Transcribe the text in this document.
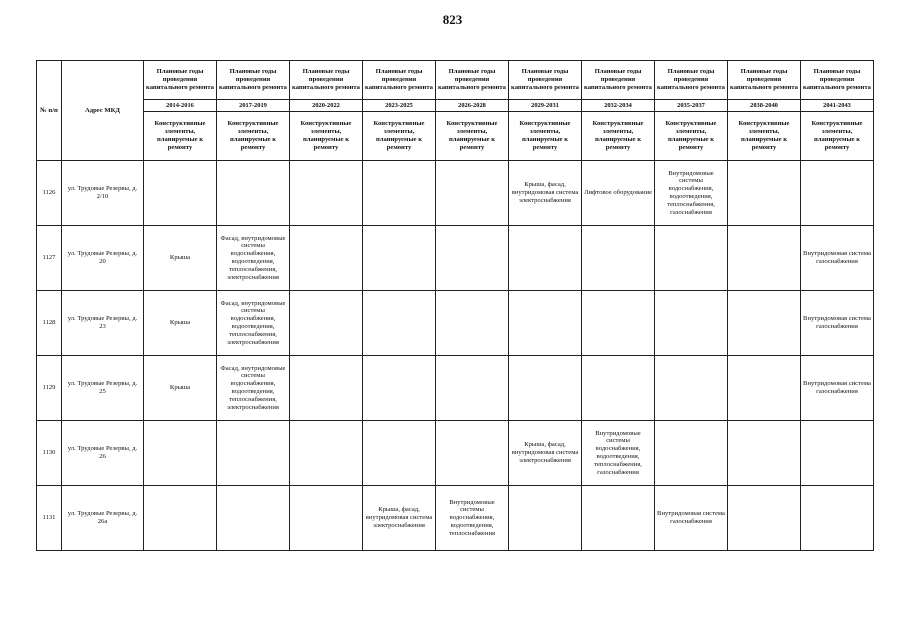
823
№ п/п	Адрес МКД	Плановые годы проведения капитального ремонта	Плановые годы проведения капитального ремонта	Плановые годы проведения капитального ремонта	Плановые годы проведения капитального ремонта	Плановые годы проведения капитального ремонта	Плановые годы проведения капитального ремонта	Плановые годы проведения капитального ремонта	Плановые годы проведения капитального ремонта	Плановые годы проведения капитального ремонта	Плановые годы проведения капитального ремонта
		2014-2016	2017-2019	2020-2022	2023-2025	2026-2028	2029-2031	2032-2034	2035-2037	2038-2040	2041-2043
		Конструктивные элементы, планируемые к ремонту	Конструктивные элементы, планируемые к ремонту	Конструктивные элементы, планируемые к ремонту	Конструктивные элементы, планируемые к ремонту	Конструктивные элементы, планируемые к ремонту	Конструктивные элементы, планируемые к ремонту	Конструктивные элементы, планируемые к ремонту	Конструктивные элементы, планируемые к ремонту	Конструктивные элементы, планируемые к ремонту	Конструктивные элементы, планируемые к ремонту
1126	ул. Трудовые Резервы, д. 2/10						Крыша, фасад, внутридомовая система электроснабжения	Лифтовое оборудование	Внутридомовые системы водоснабжения, водоотведения, теплоснабжения, газоснабжения		
1127	ул. Трудовые Резервы, д. 20	Крыша	Фасад, внутридомовые системы водоснабжения, водоотведения, теплоснабжения, электроснабжения								Внутридомовая система газоснабжения
1128	ул. Трудовые Резервы, д. 23	Крыша	Фасад, внутридомовые системы водоснабжения, водоотведения, теплоснабжения, электроснабжения								Внутридомовая система газоснабжения
1129	ул. Трудовые Резервы, д. 25	Крыша	Фасад, внутридомовые системы водоснабжения, водоотведения, теплоснабжения, электроснабжения								Внутридомовая система газоснабжения
1130	ул. Трудовые Резервы, д. 26						Крыша, фасад, внутридомовая система электроснабжения	Внутридомовые системы водоснабжения, водоотведения, теплоснабжения, газоснабжения			
1131	ул. Трудовые Резервы, д. 26а				Крыша, фасад, внутридомовая система электроснабжения	Внутридомовые системы водоснабжения, водоотведения, теплоснабжения			Внутридомовая система газоснабжения		
